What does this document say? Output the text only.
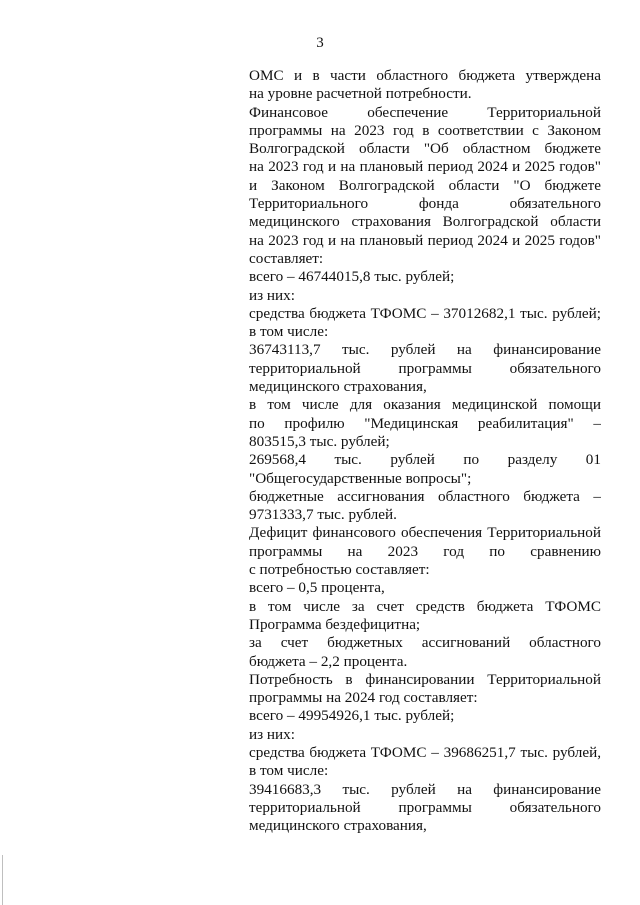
3
ОМС и в части областного бюджета утверждена
на уровне расчетной потребности.
Финансовое обеспечение Территориальной
программы на 2023 год в соответствии с Законом
Волгоградской области "Об областном бюджете
на 2023 год и на плановый период 2024 и 2025 годов"
и Законом Волгоградской области "О бюджете
Территориального фонда обязательного
медицинского страхования Волгоградской области
на 2023 год и на плановый период 2024 и 2025 годов"
составляет:
всего – 46744015,8 тыс. рублей;
из них:
средства бюджета ТФОМС – 37012682,1 тыс. рублей;
в том числе:
36743113,7 тыс. рублей на финансирование
территориальной программы обязательного
медицинского страхования,
в том числе для оказания медицинской помощи
по профилю "Медицинская реабилитация" –
803515,3 тыс. рублей;
269568,4 тыс. рублей по разделу 01
"Общегосударственные вопросы";
бюджетные ассигнования областного бюджета –
9731333,7 тыс. рублей.
Дефицит финансового обеспечения Территориальной
программы на 2023 год по сравнению
с потребностью составляет:
всего – 0,5 процента,
в том числе за счет средств бюджета ТФОМС
Программа бездефицитна;
за счет бюджетных ассигнований областного
бюджета – 2,2 процента.
Потребность в финансировании Территориальной
программы на 2024 год составляет:
всего – 49954926,1 тыс. рублей;
из них:
средства бюджета ТФОМС – 39686251,7 тыс. рублей,
в том числе:
39416683,3 тыс. рублей на финансирование
территориальной программы обязательного
медицинского страхования,
